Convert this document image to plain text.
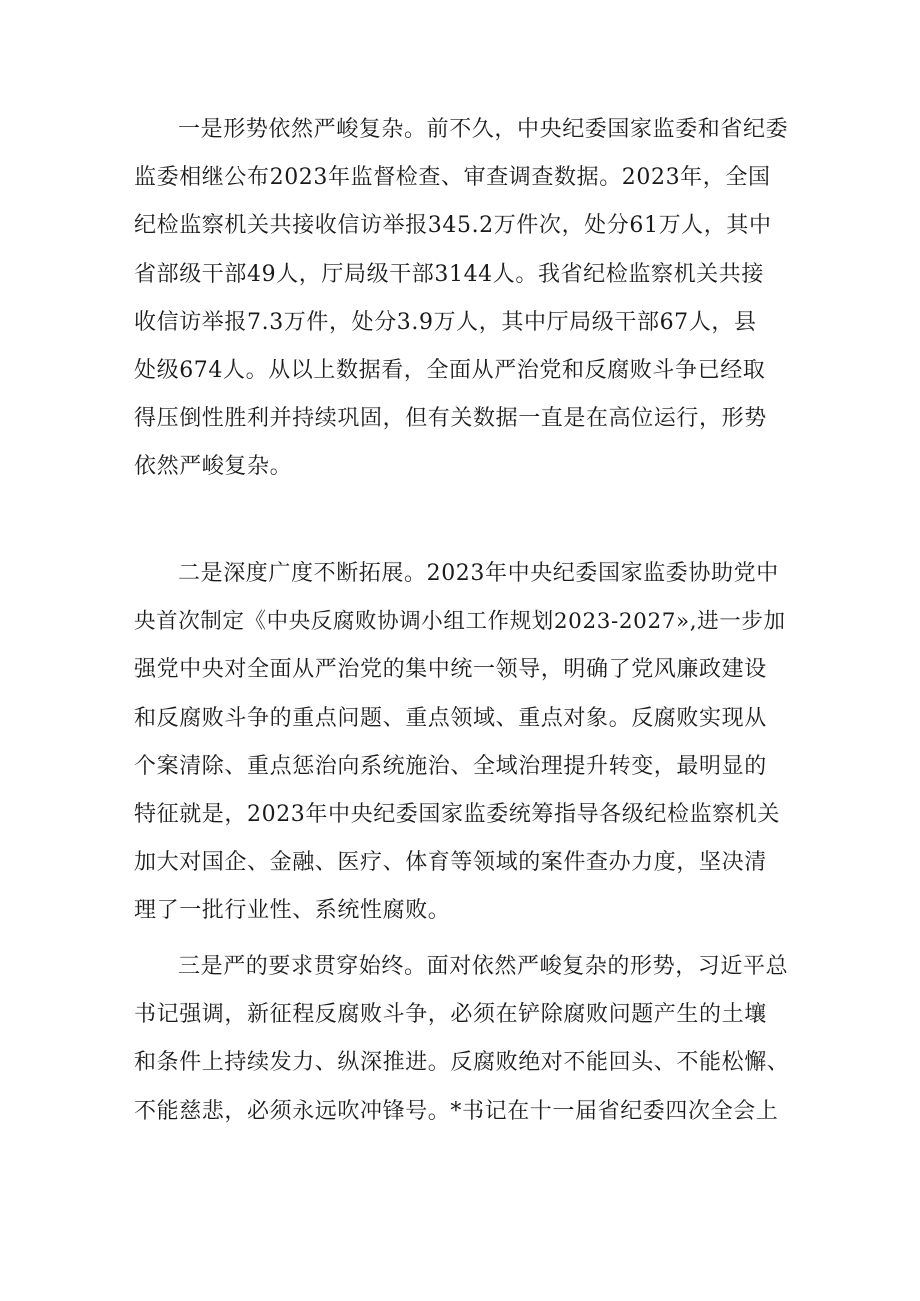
一是形势依然严峻复杂。前不久，中央纪委国家监委和省纪委
监委相继公布2023年监督检查、审查调查数据。2023年，全国
纪检监察机关共接收信访举报345.2万件次，处分61万人，其中
省部级干部49人，厅局级干部3144人。我省纪检监察机关共接
收信访举报7.3万件，处分3.9万人，其中厅局级干部67人，县
处级674人。从以上数据看，全面从严治党和反腐败斗争已经取
得压倒性胜利并持续巩固，但有关数据一直是在高位运行，形势
依然严峻复杂。
二是深度广度不断拓展。2023年中央纪委国家监委协助党中
央首次制定《中央反腐败协调小组工作规划2023-2027»,进一步加
强党中央对全面从严治党的集中统一领导，明确了党风廉政建设
和反腐败斗争的重点问题、重点领域、重点对象。反腐败实现从
个案清除、重点惩治向系统施治、全域治理提升转变，最明显的
特征就是，2023年中央纪委国家监委统筹指导各级纪检监察机关
加大对国企、金融、医疗、体育等领域的案件查办力度，坚决清
理了一批行业性、系统性腐败。
三是严的要求贯穿始终。面对依然严峻复杂的形势，习近平总
书记强调，新征程反腐败斗争，必须在铲除腐败问题产生的土壤
和条件上持续发力、纵深推进。反腐败绝对不能回头、不能松懈、
不能慈悲，必须永远吹冲锋号。*书记在十一届省纪委四次全会上
